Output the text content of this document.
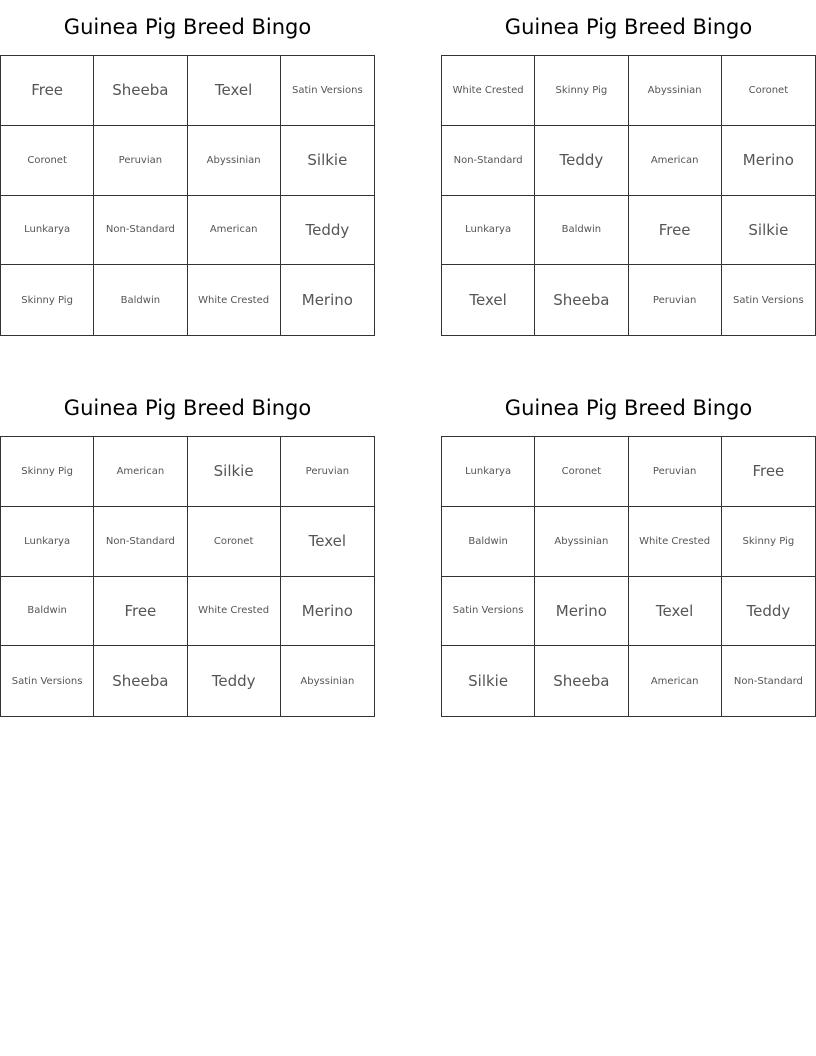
Guinea Pig Breed Bingo
Free	Sheeba	Texel	Satin Versions
Coronet	Peruvian	Abyssinian	Silkie
Lunkarya	Non-Standard	American	Teddy
Skinny Pig	Baldwin	White Crested	Merino
Guinea Pig Breed Bingo
White Crested	Skinny Pig	Abyssinian	Coronet
Non-Standard	Teddy	American	Merino
Lunkarya	Baldwin	Free	Silkie
Texel	Sheeba	Peruvian	Satin Versions
Guinea Pig Breed Bingo
Skinny Pig	American	Silkie	Peruvian
Lunkarya	Non-Standard	Coronet	Texel
Baldwin	Free	White Crested	Merino
Satin Versions	Sheeba	Teddy	Abyssinian
Guinea Pig Breed Bingo
Lunkarya	Coronet	Peruvian	Free
Baldwin	Abyssinian	White Crested	Skinny Pig
Satin Versions	Merino	Texel	Teddy
Silkie	Sheeba	American	Non-Standard
